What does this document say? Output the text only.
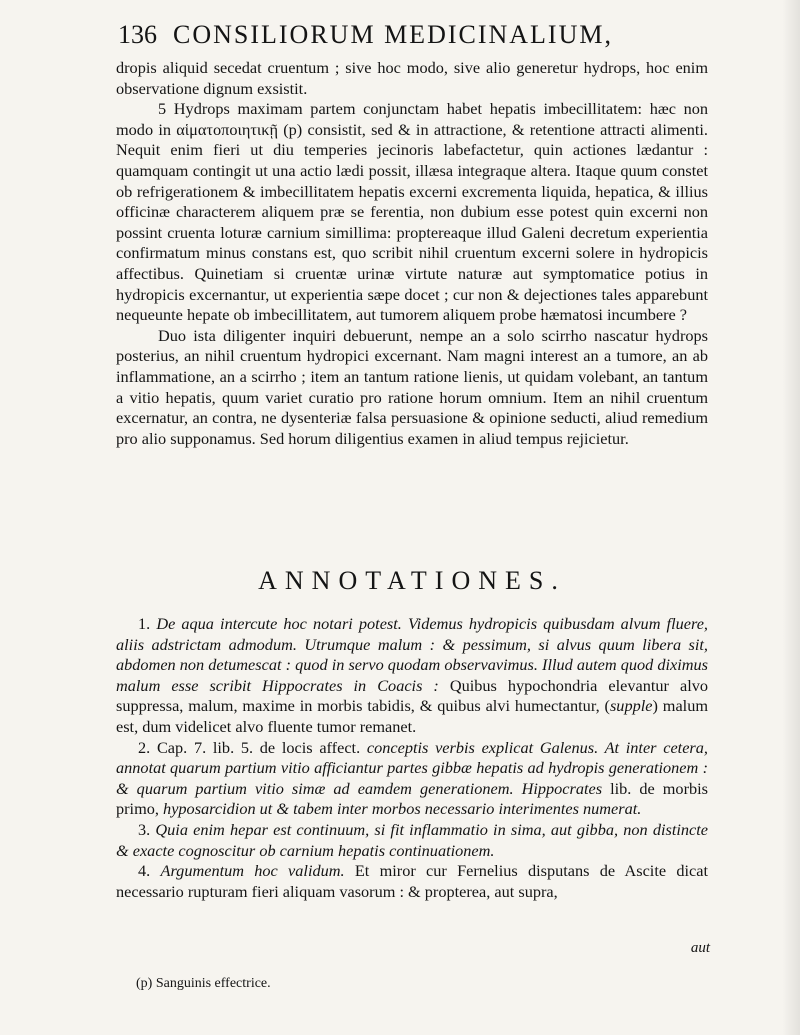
136 CONSILIORUM MEDICINALIUM,

dropis aliquid secedat cruentum ; sive hoc modo, sive alio generetur hydrops, hoc enim observatione dignum exsistit.

5 Hydrops maximam partem conjunctam habet hepatis imbecillitatem: hæc non modo in αἱματοποιητικῇ (p) consistit, sed & in attractione, & retentione attracti alimenti. Nequit enim fieri ut diu temperies jecinoris labefactetur, quin actiones lædantur : quamquam contingit ut una actio lædi possit, illæsa integraque altera. Itaque quum constet ob refrigerationem & imbecillitatem hepatis excerni excrementa liquida, hepatica, & illius officinæ characterem aliquem præ se ferentia, non dubium esse potest quin excerni non possint cruenta loturæ carnium simillima: proptereaque illud Galeni decretum experientia confirmatum minus constans est, quo scribit nihil cruentum excerni solere in hydropicis affectibus. Quinetiam si cruentæ urinæ virtute naturæ aut symptomatice potius in hydropicis excernantur, ut experientia sæpe docet ; cur non & dejectiones tales apparebunt nequeunte hepate ob imbecillitatem, aut tumorem aliquem probe hæmatosi incumbere ?

Duo ista diligenter inquiri debuerunt, nempe an a solo scirrho nascatur hydrops posterius, an nihil cruentum hydropici excernant. Nam magni interest an a tumore, an ab inflammatione, an a scirrho ; item an tantum ratione lienis, ut quidam volebant, an tantum a vitio hepatis, quum variet curatio pro ratione horum omnium. Item an nihil cruentum excernatur, an contra, ne dysenteriæ falsa persuasione & opinione seducti, aliud remedium pro alio supponamus. Sed horum diligentius examen in aliud tempus rejicietur.

ANNOTATIONES.

1. De aqua intercute hoc notari potest. Videmus hydropicis quibusdam alvum fluere, aliis adstrictam admodum. Utrumque malum : & pessimum, si alvus quum libera sit, abdomen non detumescat : quod in servo quodam observavimus. Illud autem quod diximus malum esse scribit Hippocrates in Coacis : Quibus hypochondria elevantur alvo suppressa, malum, maxime in morbis tabidis, & quibus alvi humectantur, (supple) malum est, dum videlicet alvo fluente tumor remanet.

2. Cap. 7. lib. 5. de locis affect. conceptis verbis explicat Galenus. At inter cetera, annotat quarum partium vitio afficiantur partes gibbæ hepatis ad hydropis generationem : & quarum partium vitio simæ ad eamdem generationem. Hippocrates lib. de morbis primo, hyposarcidion ut & tabem inter morbos necessario interimentes numerat.

3. Quia enim hepar est continuum, si fit inflammatio in sima, aut gibba, non distincte & exacte cognoscitur ob carnium hepatis continuationem.

4. Argumentum hoc validum. Et miror cur Fernelius disputans de Ascite dicat necessario rupturam fieri aliquam vasorum : & propterea, aut supra,

aut
(p) Sanguinis effectrice.
